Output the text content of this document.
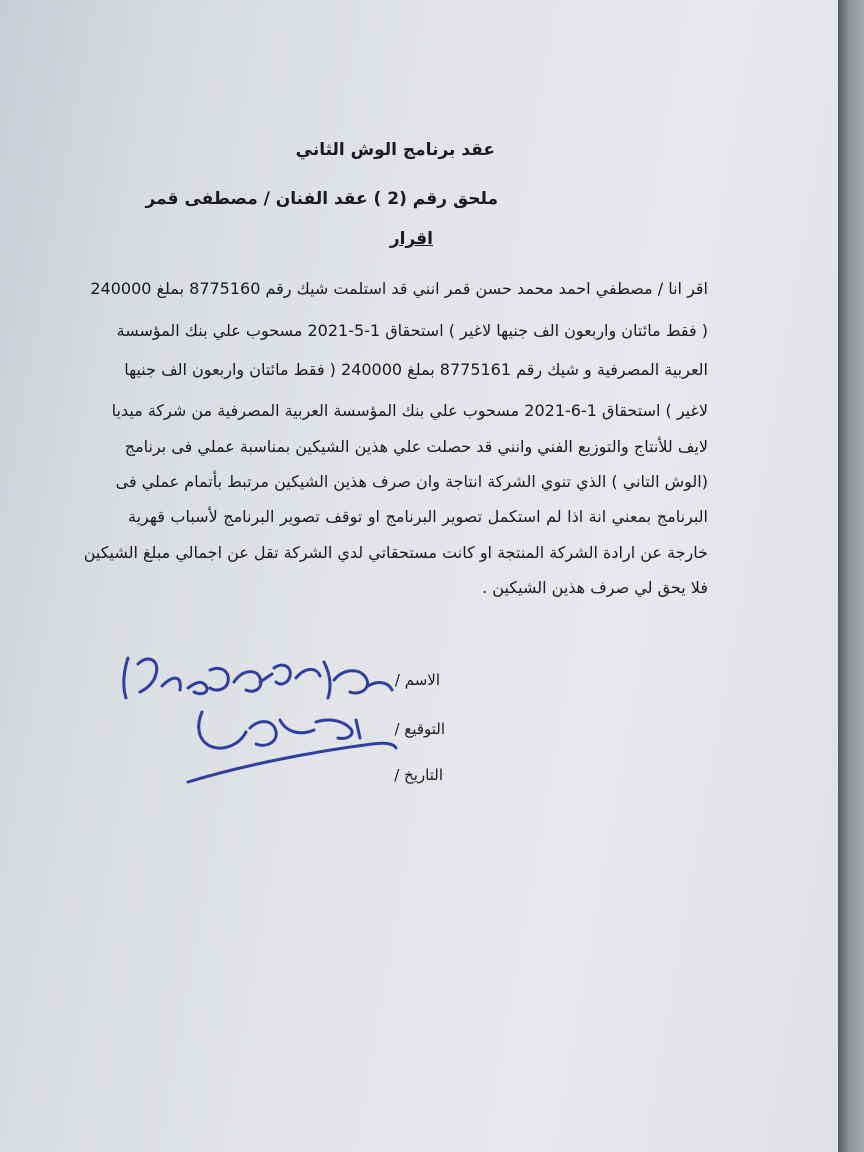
عقد برنامج الوش الثاني
ملحق رقم (2 ) عقد الفنان / مصطفى قمر
اقرار
اقر انا / مصطفي احمد محمد حسن قمر انني قد استلمت شيك رقم 8775160 بملغ 240000
( فقط مائتان واربعون الف جنيها لاغير ) استحقاق 1-5-2021 مسحوب علي بنك المؤسسة
العربية المصرفية و شيك رقم 8775161 بملغ 240000 ( فقط مائتان واربعون الف جنيها
لاغير ) استحقاق 1-6-2021 مسحوب علي بنك المؤسسة العربية المصرفية من شركة ميديا
لايف للأنتاج والتوزيع الفني وانني قد حصلت علي هذين الشيكين بمناسبة عملي فى برنامج
(الوش التاني ) الذي تنوي الشركة انتاجة وان صرف هذين الشيكين مرتبط بأتمام عملي فى
البرنامج بمعني انة اذا لم استكمل تصوير البرنامج او توقف تصوير البرنامج لأسباب قهرية
خارجة عن ارادة الشركة المنتجة او كانت مستحقاتي لدي الشركة تقل عن اجمالي مبلغ الشيكين
فلا يحق لي صرف هذين الشيكين .
الاسم /
التوقيع /
التاريخ /
